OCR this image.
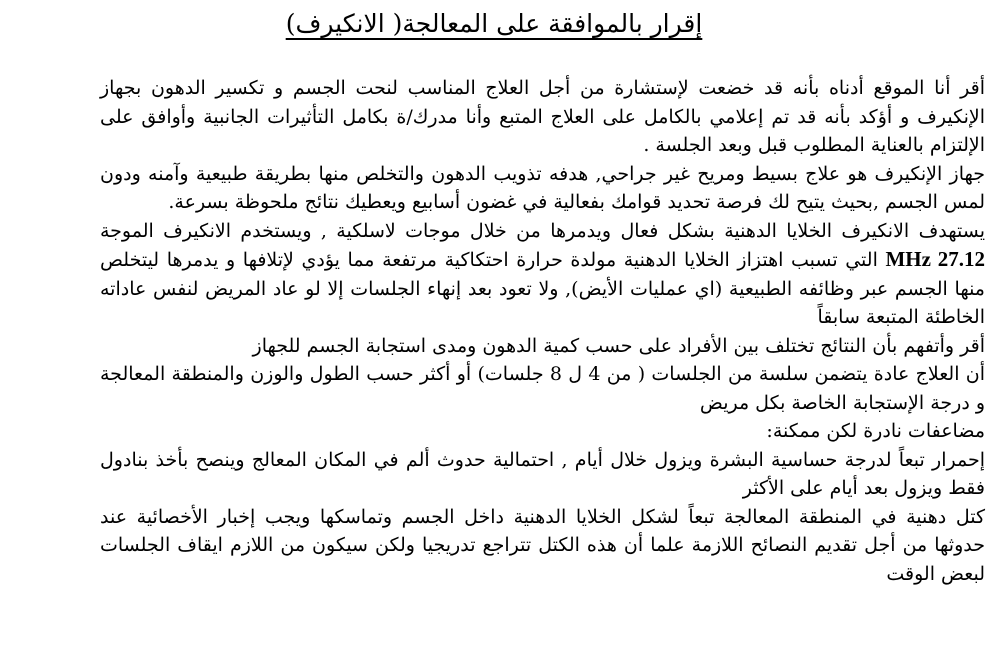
إقرار بالموافقة على المعالجة( الانكيرف)

أقر أنا الموقع أدناه بأنه قد خضعت لإستشارة من أجل العلاج المناسب لنحت الجسم و تكسير الدهون بجهاز الإنكيرف و أؤكد بأنه قد تم إعلامي بالكامل على العلاج المتبع وأنا مدرك/ة بكامل التأثيرات الجانبية وأوافق على الإلتزام بالعناية المطلوب قبل وبعد الجلسة .

جهاز الإنكيرف هو علاج بسيط ومريح غير جراحي, هدفه تذويب الدهون والتخلص منها بطريقة طبيعية وآمنه ودون لمس الجسم ,بحيث يتيح لك فرصة تحديد قوامك بفعالية في غضون أسابيع ويعطيك نتائج ملحوظة بسرعة.

يستهدف الانكيرف الخلايا الدهنية بشكل فعال ويدمرها من خلال موجات لاسلكية , ويستخدم الانكيرف الموجة MHz 27.12 التي تسبب اهتزاز الخلايا الدهنية مولدة حرارة احتكاكية مرتفعة مما يؤدي لإتلافها و يدمرها ليتخلص منها الجسم عبر وظائفه الطبيعية (اي عمليات الأيض), ولا تعود بعد إنهاء الجلسات إلا لو عاد المريض لنفس عاداته الخاطئة المتبعة سابقاً

أقر وأتفهم بأن النتائج تختلف بين الأفراد على حسب كمية الدهون ومدى استجابة الجسم للجهاز

أن العلاج عادة يتضمن سلسة من الجلسات ( من 4 ل 8 جلسات) أو أكثر حسب الطول والوزن والمنطقة المعالجة و درجة الإستجابة الخاصة بكل مريض

مضاعفات نادرة لكن ممكنة:

إحمرار تبعاً لدرجة حساسية البشرة ويزول خلال أيام , احتمالية حدوث ألم في المكان المعالج وينصح بأخذ بنادول فقط ويزول بعد أيام على الأكثر

كتل دهنية في المنطقة المعالجة تبعاً لشكل الخلايا الدهنية داخل الجسم وتماسكها ويجب إخبار الأخصائية عند حدوثها من أجل تقديم النصائح اللازمة علما أن هذه الكتل تتراجع تدريجيا ولكن سيكون من اللازم ايقاف الجلسات لبعض الوقت
